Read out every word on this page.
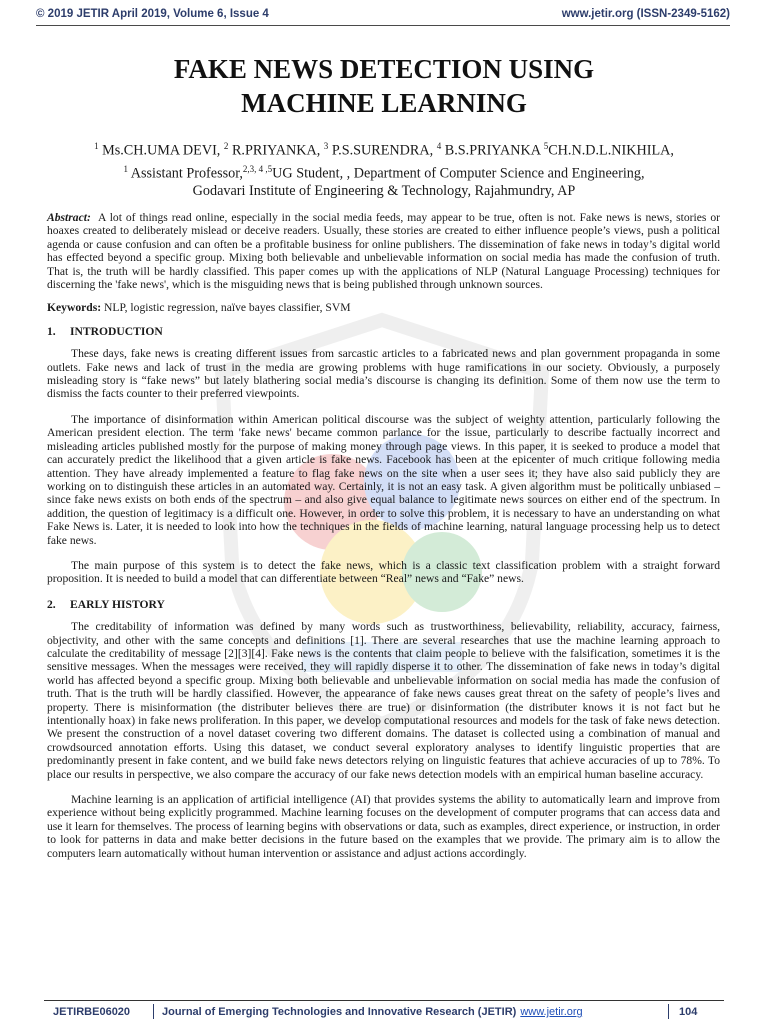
© 2019 JETIR April 2019, Volume 6, Issue 4	www.jetir.org (ISSN-2349-5162)
FAKE NEWS DETECTION USING
MACHINE LEARNING
$^1$ Ms.CH.UMA DEVI, $^2$ R.PRIYANKA, $^3$ P.S.SURENDRA, $^4$ B.S.PRIYANKA $^5$CH.N.D.L.NIKHILA,
$^1$ Assistant Professor,$^{2,3, 4 ,5}$UG Student, , Department of Computer Science and Engineering,
Godavari Institute of Engineering & Technology, Rajahmundry, AP

Abstract: A lot of things read online, especially in the social media feeds, may appear to be true, often is not. Fake news is news, stories or hoaxes created to deliberately mislead or deceive readers. Usually, these stories are created to either influence people’s views, push a political agenda or cause confusion and can often be a profitable business for online publishers. The dissemination of fake news in today’s digital world has effected beyond a specific group. Mixing both believable and unbelievable information on social media has made the confusion of truth. That is, the truth will be hardly classified. This paper comes up with the applications of NLP (Natural Language Processing) techniques for discerning the 'fake news', which is the misguiding news that is being published through unknown sources.

Keywords: NLP, logistic regression, naïve bayes classifier, SVM

1. INTRODUCTION

These days, fake news is creating different issues from sarcastic articles to a fabricated news and plan government propaganda in some outlets. Fake news and lack of trust in the media are growing problems with huge ramifications in our society. Obviously, a purposely misleading story is “fake news” but lately blathering social media’s discourse is changing its definition. Some of them now use the term to dismiss the facts counter to their preferred viewpoints.

The importance of disinformation within American political discourse was the subject of weighty attention, particularly following the American president election. The term 'fake news' became common parlance for the issue, particularly to describe factually incorrect and misleading articles published mostly for the purpose of making money through page views. In this paper, it is seeked to produce a model that can accurately predict the likelihood that a given article is fake news. Facebook has been at the epicenter of much critique following media attention. They have already implemented a feature to flag fake news on the site when a user sees it; they have also said publicly they are working on to distinguish these articles in an automated way. Certainly, it is not an easy task. A given algorithm must be politically unbiased – since fake news exists on both ends of the spectrum – and also give equal balance to legitimate news sources on either end of the spectrum. In addition, the question of legitimacy is a difficult one. However, in order to solve this problem, it is necessary to have an understanding on what Fake News is. Later, it is needed to look into how the techniques in the fields of machine learning, natural language processing help us to detect fake news.

The main purpose of this system is to detect the fake news, which is a classic text classification problem with a straight forward proposition. It is needed to build a model that can differentiate between “Real” news and “Fake” news.

2. EARLY HISTORY

The creditability of information was defined by many words such as trustworthiness, believability, reliability, accuracy, fairness, objectivity, and other with the same concepts and definitions [1]. There are several researches that use the machine learning approach to calculate the creditability of message [2][3][4]. Fake news is the contents that claim people to believe with the falsification, sometimes it is the sensitive messages. When the messages were received, they will rapidly disperse it to other. The dissemination of fake news in today’s digital world has affected beyond a specific group. Mixing both believable and unbelievable information on social media has made the confusion of truth. That is the truth will be hardly classified. However, the appearance of fake news causes great threat on the safety of people’s lives and property. There is misinformation (the distributer believes there are true) or disinformation (the distributer knows it is not fact but he intentionally hoax) in fake news proliferation. In this paper, we develop computational resources and models for the task of fake news detection. We present the construction of a novel dataset covering two different domains. The dataset is collected using a combination of manual and crowdsourced annotation efforts. Using this dataset, we conduct several exploratory analyses to identify linguistic properties that are predominantly present in fake content, and we build fake news detectors relying on linguistic features that achieve accuracies of up to 78%. To place our results in perspective, we also compare the accuracy of our fake news detection models with an empirical human baseline accuracy.

Machine learning is an application of artificial intelligence (AI) that provides systems the ability to automatically learn and improve from experience without being explicitly programmed. Machine learning focuses on the development of computer programs that can access data and use it learn for themselves. The process of learning begins with observations or data, such as examples, direct experience, or instruction, in order to look for patterns in data and make better decisions in the future based on the examples that we provide. The primary aim is to allow the computers learn automatically without human intervention or assistance and adjust actions accordingly.

JETIRBE06020	Journal of Emerging Technologies and Innovative Research (JETIR) www.jetir.org	104
